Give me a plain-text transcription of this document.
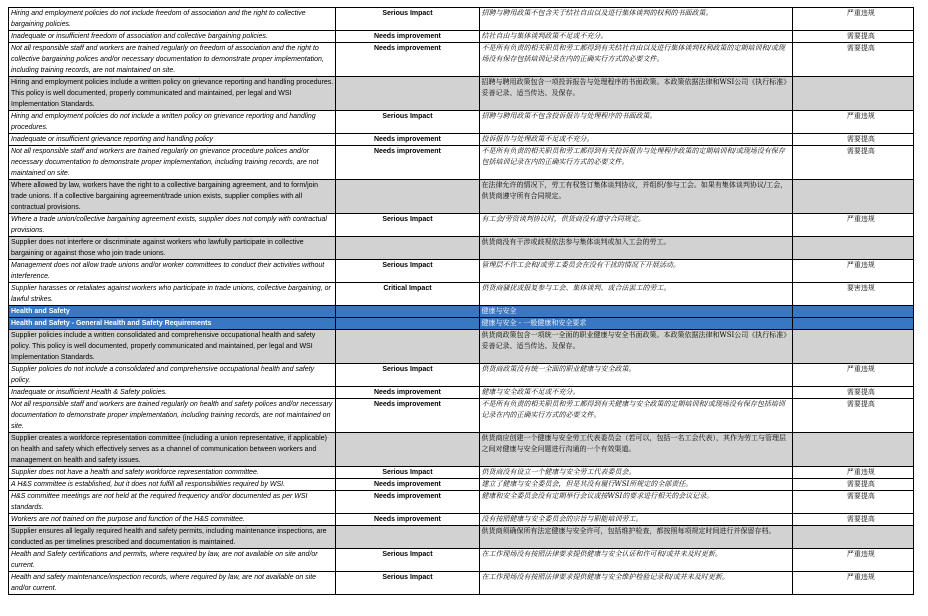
Hiring and employment policies do not include freedom of association and the right to collective bargaining policies.	Serious Impact	招聘与聘用政策不包含关于结社自由以及进行集体谈判的权利的书面政策。	严重违规
Inadequate or insufficient freedom of association and collective bargaining policies.	Needs improvement	结社自由与集体谈判政策不足或不充分。	需要提高
Not all responsible staff and workers are trained regularly on freedom of association and the right to collective bargaining polices and/or necessary documentation to demonstrate proper implementation, including training records, are not maintained on site.	Needs improvement	不是所有负责的相关职员和劳工都得到有关结社自由以及进行集体谈判权利政策的定期培训和/或现场没有保存包括培训记录在内的正确实行方式的必要文件。	需要提高
Hiring and employment policies include a written policy on grievance reporting and handling procedures. This policy is well documented, properly communicated and maintained, per legal and WSI Implementation Standards.		招聘与聘用政策包含一项投诉报告与处理程序的书面政策。本政策依据法律和WSI公司《执行标准》妥善记录、适当传达、及保存。	
Hiring and employment policies do not include a written policy on grievance reporting and handling procedures.	Serious Impact	招聘与聘用政策不包含投诉报告与处理程序的书面政策。	严重违规
Inadequate or insufficient grievance reporting and handling policy	Needs improvement	投诉报告与处理政策不足或不充分。	需要提高
Not all responsible staff and workers are trained regularly on grievance procedure polices and/or necessary documentation to demonstrate proper implementation, including training records, are not maintained on site.	Needs improvement	不是所有负责的相关职员和劳工都得到有关投诉报告与处理程序政策的定期培训和/或现场没有保存包括培训记录在内的正确实行方式的必要文件。	需要提高
Where allowed by law, workers have the right to a collective bargaining agreement, and to form/join trade unions. If a collective bargaining agreement/trade union exists, supplier complies with all contractual provisions.		在法律允许的情况下，劳工有权签订集体谈判协议，并组织/参与工会。如果有集体谈判协议/工会，供货商遵守所有合同规定。	
Where a trade union/collective bargaining agreement exists, supplier does not comply with contractual provisions.	Serious Impact	有工会/劳资谈判协议时，供货商没有遵守合同规定。	严重违规
Supplier does not interfere or discriminate against workers who lawfully participate in collective bargaining or against those who join trade unions.		供货商没有干涉或歧视依法参与集体谈判或加入工会的劳工。	
Management does not allow trade unions and/or worker committees to conduct their activities without interference.	Serious Impact	管理层不许工会和/或劳工委员会在没有干扰的情况下开展活动。	严重违规
Supplier harasses or retaliates against workers who participate in trade unions, collective bargaining, or lawful strikes.	Critical Impact	供货商骚扰或报复参与工会、集体谈判、或合法罢工的劳工。	要害违规
Health and Safety		健康与安全	
Health and Safety - General Health and Safety Requirements		健康与安全 - 一般健康和安全要求	
Supplier policies include a written consolidated and comprehensive occupational health and safety policy. This policy is well documented, properly communicated and maintained, per legal and WSI Implementation Standards.		供货商政策包含一项统一全面的职业健康与安全书面政策。本政策依据法律和WSI公司《执行标准》妥善记录、适当传达、及保存。	
Supplier policies do not include a consolidated and comprehensive occupational health and safety policy.	Serious Impact	供货商政策没有统一全面的职业健康与安全政策。	严重违规
Inadequate or insufficient Health & Safety policies.	Needs improvement	健康与安全政策不足或不充分。	需要提高
Not all responsible staff and workers are trained regularly on health and safety polices and/or necessary documentation to demonstrate proper implementation, including training records, are not maintained on site.	Needs improvement	不是所有负责的相关职员和劳工都得到有关健康与安全政策的定期培训和/或现场没有保存包括培训记录在内的正确实行方式的必要文件。	需要提高
Supplier creates a workforce representation committee (including a union representative, if applicable) on health and safety which effectively serves as a channel of communication between workers and management on health and safety issues.		供货商应创建一个健康与安全劳工代表委员会（若可以，包括一名工会代表），其作为劳工与管理层之间对健康与安全问题进行沟通的一个有效渠道。	
Supplier does not have a health and safety workforce representation committee.	Serious Impact	供货商没有设立一个健康与安全劳工代表委员会。	严重违规
A H&S committee is established, but it does not fulfill all responsibilities required by WSI.	Needs improvement	建立了健康与安全委员会，但是其没有履行WSI所规定的全部责任。	需要提高
H&S committee meetings are not held at the required frequency and/or documented as per WSI standards.	Needs improvement	健康和安全委员会没有定期举行会议或按WSI的要求进行相关的会议记录。	需要提高
Workers are not trained on the purpose and function of the H&S committee.	Needs improvement	没有按照健康与安全委员会的宗旨与职能培训劳工。	需要提高
Supplier ensures all legally required health and safety permits, including maintenance inspections, are conducted as per timelines prescribed and documentation is maintained.		供货商须确保所有法定健康与安全许可，包括维护检查，都按照每项规定时间进行并保留存档。	
Health and Safety certifications and permits, where required by law, are not available on site and/or current.	Serious Impact	在工作现场没有按照法律要求提供健康与安全认证和许可和/或并未及时更新。	严重违规
Health and safety maintenance/inspection records, where required by law, are not available on site and/or current.	Serious Impact	在工作现场没有按照法律要求提供健康与安全维护检验记录和/或并未及时更新。	严重违规
